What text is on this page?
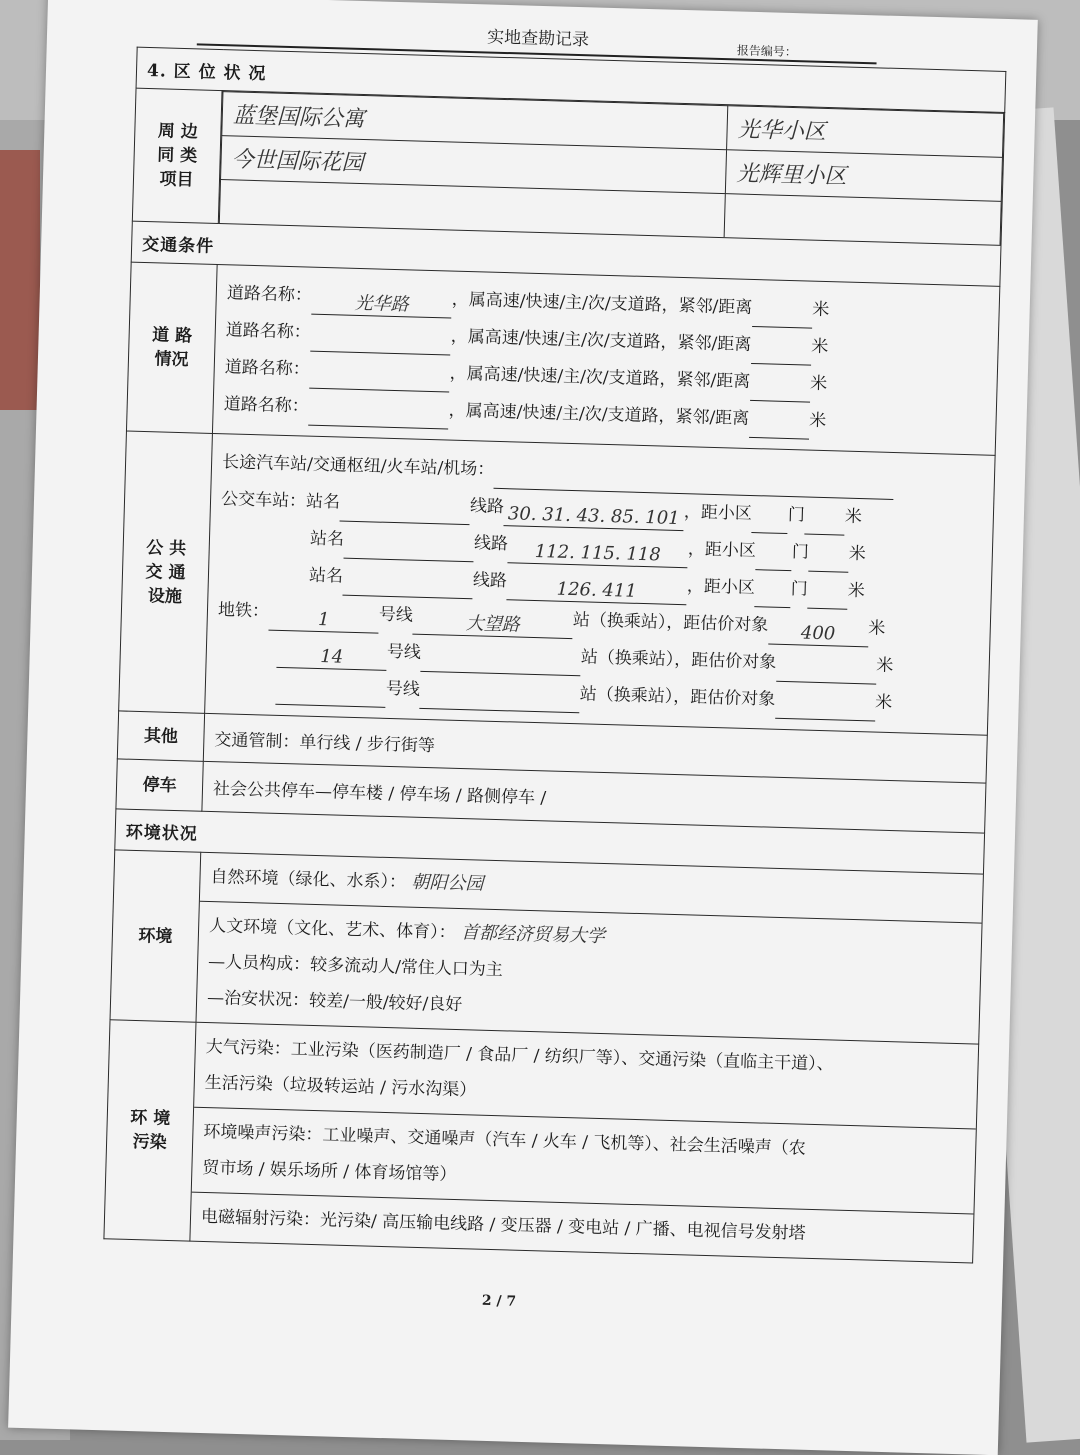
实地查勘记录
报告编号：
4. 区 位 状 况

周 边
同 类
项目

蓝堡国际公寓	光华小区
今世国际花园	光辉里小区

交通条件

道 路
情况

道路名称： 光华路	，属高速/快速/主/次/支道路，紧邻/距离	米
道路名称：	，属高速/快速/主/次/支道路，紧邻/距离	米
道路名称：	，属高速/快速/主/次/支道路，紧邻/距离	米
道路名称：	，属高速/快速/主/次/支道路，紧邻/距离	米

公 共
交 通
设施

长途汽车站/交通枢纽/火车站/机场：
公交车站：站名	线路 30. 31. 43. 85. 101 ，距小区 门 米
站名	线路 112. 115. 118 ，距小区 门 米
站名	线路	126. 411	，距小区 门 米
地铁：	1	号线	大望路	站（换乘站），距估价对象 400 米
14	号线	站（换乘站），距估价对象	米
号线	站（换乘站），距估价对象	米

其他	交通管制：单行线 / 步行街等
停车	社会公共停车—停车楼 / 停车场 / 路侧停车 /
环境状况
环境	
自然环境（绿化、水系）： 朝阳公园
人文环境（文化、艺术、体育）： 首都经济贸易大学
—人员构成：较多流动人/常住人口为主
—治安状况：较差/一般/较好/良好

环 境
污染

大气污染：工业污染（医药制造厂 / 食品厂 / 纺织厂等）、交通污染（直临主干道）、
生活污染（垃圾转运站 / 污水沟渠）
环境噪声污染：工业噪声、交通噪声（汽车 / 火车 / 飞机等）、社会生活噪声（农
贸市场 / 娱乐场所 / 体育场馆等）
电磁辐射污染：光污染/ 高压输电线路 / 变压器 / 变电站 / 广播、电视信号发射塔
2 / 7
